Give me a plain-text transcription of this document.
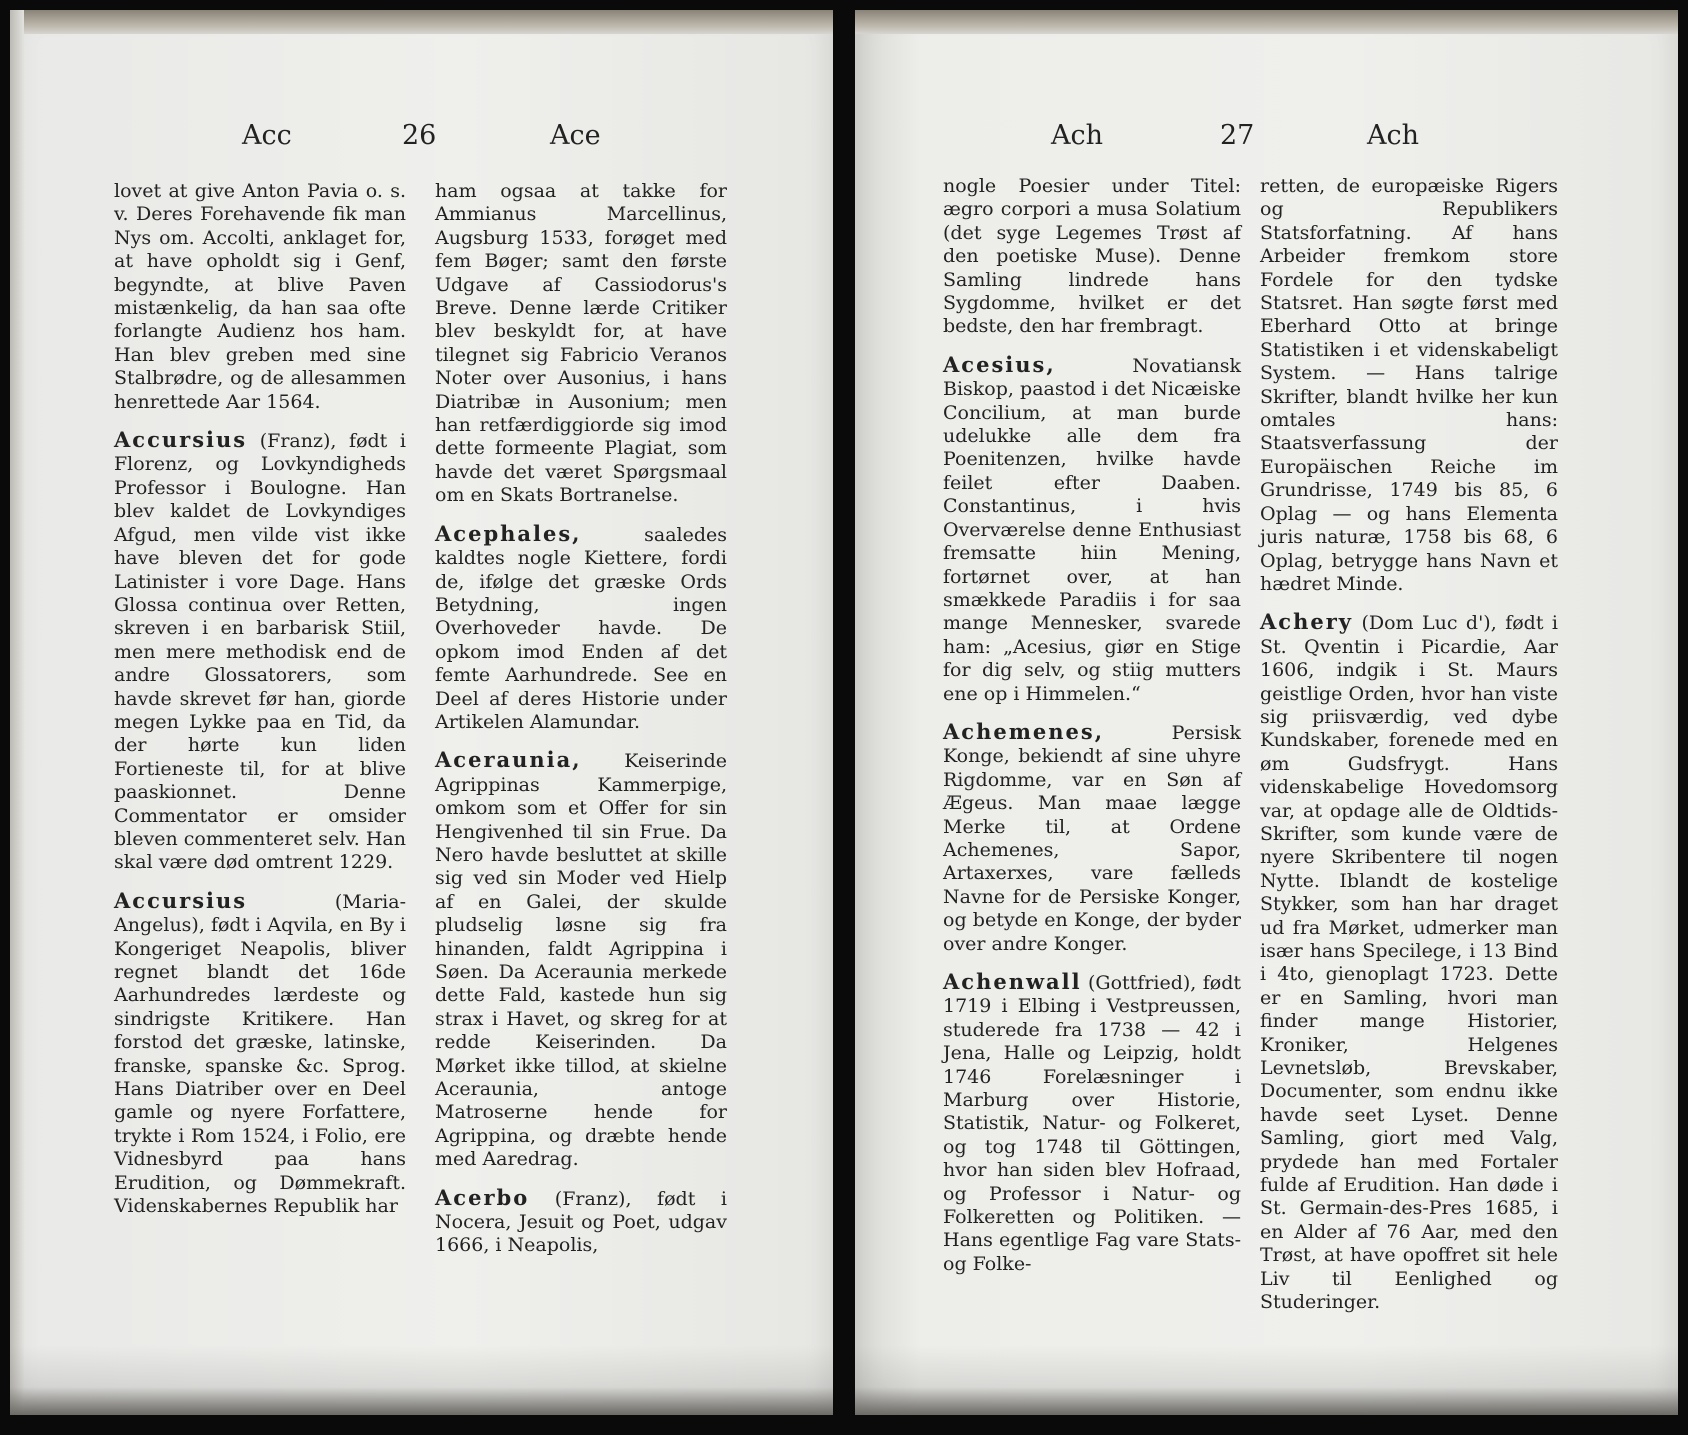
Acc	26	Ace

lovet at give Anton Pavia o. s. v. Deres Forehavende fik man Nys om. Accolti, anklaget for, at have opholdt sig i Genf, begyndte, at blive Paven mistænkelig, da han saa ofte forlangte Audienz hos ham. Han blev greben med sine Stalbrødre, og de allesammen henrettede Aar 1564.

Accursius (Franz), født i Florenz, og Lovkyndigheds Professor i Boulogne. Han blev kaldet de Lovkyndiges Afgud, men vilde vist ikke have bleven det for gode Latinister i vore Dage. Hans Glossa continua over Retten, skreven i en barbarisk Stiil, men mere methodisk end de andre Glossatorers, som havde skrevet før han, giorde megen Lykke paa en Tid, da der hørte kun liden Fortieneste til, for at blive paaskionnet. Denne Commentator er omsider bleven commenteret selv. Han skal være død omtrent 1229.

Accursius	(Maria-Angelus), født i Aqvila, en By i Kongeriget Neapolis, bliver regnet blandt det 16de Aarhundredes lærdeste og sindrigste Kritikere. Han forstod det græske, latinske, franske, spanske &c. Sprog. Hans Diatriber over en Deel gamle og nyere Forfattere, trykte i Rom 1524, i Folio, ere Vidnesbyrd paa hans Erudition, og Dømmekraft. Videnskabernes Republik har

ham ogsaa at takke for Ammianus Marcellinus, Augsburg 1533, forøget med fem Bøger; samt den første Udgave af Cassiodorus's Breve. Denne lærde Critiker blev beskyldt for, at have tilegnet sig Fabricio Veranos Noter over Ausonius, i hans Diatribæ in Ausonium; men han retfærdiggiorde sig imod dette formeente Plagiat, som havde det været Spørgsmaal om en Skats Bortranelse.

Acephales,	saaledes kaldtes nogle Kiettere, fordi de, ifølge det græske Ords Betydning, ingen Overhoveder havde. De opkom imod Enden af det femte Aarhundrede. See en Deel af deres Historie under Artikelen Alamundar.

Aceraunia, Keiserinde Agrippinas Kammerpige, omkom som et Offer for sin Hengivenhed til sin Frue. Da Nero havde besluttet at skille sig ved sin Moder ved Hielp af en Galei, der skulde pludselig løsne sig fra hinanden, faldt Agrippina i Søen. Da Aceraunia merkede dette Fald, kastede hun sig strax i Havet, og skreg for at redde Keiserinden. Da Mørket ikke tillod, at skielne Aceraunia, antoge Matroserne hende for Agrippina, og dræbte hende med Aaredrag.

Acerbo (Franz), født i Nocera, Jesuit og Poet, udgav 1666, i Neapolis,

Ach	27	Ach

nogle Poesier under Titel: ægro corpori a musa Solatium (det syge Legemes Trøst af den poetiske Muse). Denne Samling lindrede hans Sygdomme, hvilket er det bedste, den har frembragt.

Acesius,	Novatiansk Biskop, paastod i det Nicæiske Concilium, at man burde udelukke alle dem fra Poenitenzen, hvilke havde feilet efter Daaben. Constantinus, i hvis Overværelse denne Enthusiast fremsatte hiin Mening, fortørnet over, at han smækkede Paradiis i for saa mange Mennesker, svarede ham: „Acesius, giør en Stige for dig selv, og stiig mutters ene op i Himmelen.“

Achemenes,	Persisk Konge, bekiendt af sine uhyre Rigdomme, var en Søn af Ægeus. Man maae lægge Merke til, at Ordene Achemenes, Sapor, Artaxerxes, vare fælleds Navne for de Persiske Konger, og betyde en Konge, der byder over andre Konger.

Achenwall (Gottfried), født 1719 i Elbing i Vestpreussen, studerede fra 1738 — 42 i Jena, Halle og Leipzig, holdt 1746 Forelæsninger i Marburg over Historie, Statistik, Natur- og Folkeret, og tog 1748 til Göttingen, hvor han siden blev Hofraad, og Professor i Natur- og Folkeretten og Politiken. — Hans egentlige Fag vare Stats- og Folke-

retten, de europæiske Rigers og Republikers Statsforfatning. Af hans Arbeider fremkom store Fordele for den tydske Statsret. Han søgte først med Eberhard Otto at bringe Statistiken i et videnskabeligt System. — Hans talrige Skrifter, blandt hvilke her kun omtales hans: Staatsverfassung der Europäischen Reiche im Grundrisse, 1749 bis 85, 6 Oplag — og hans Elementa juris naturæ, 1758 bis 68, 6 Oplag, betrygge hans Navn et hædret Minde.

Achery (Dom Luc d'), født i St. Qventin i Picardie, Aar 1606, indgik i St. Maurs geistlige Orden, hvor han viste sig priisværdig, ved dybe Kundskaber, forenede med en øm Gudsfrygt. Hans videnskabelige Hovedomsorg var, at opdage alle de Oldtids-Skrifter, som kunde være de nyere Skribentere til nogen Nytte. Iblandt de kostelige Stykker, som han har draget ud fra Mørket, udmerker man især hans Specilege, i 13 Bind i 4to, gienoplagt 1723. Dette er en Samling, hvori man finder mange Historier, Kroniker, Helgenes Levnetsløb, Brevskaber, Documenter, som endnu ikke havde seet Lyset. Denne Samling, giort med Valg, prydede han med Fortaler fulde af Erudition. Han døde i St. Germain-des-Pres 1685, i en Alder af 76 Aar, med den Trøst, at have opoffret sit hele Liv til Eenlighed og Studeringer.
